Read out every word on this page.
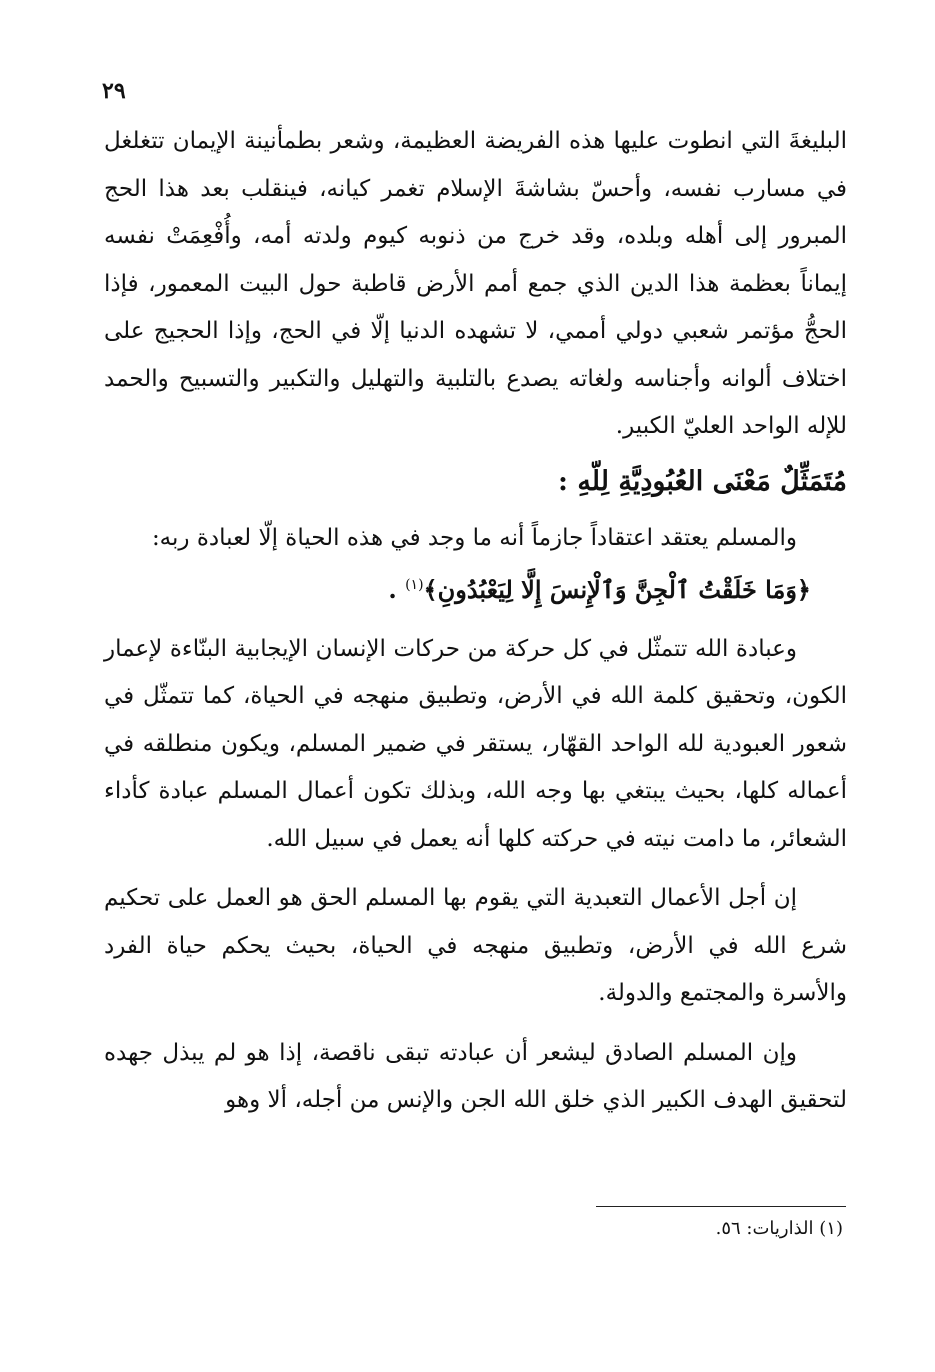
٢٩

البليغةَ التي انطوت عليها هذه الفريضة العظيمة، وشعر بطمأنينة الإيمان تتغلغل في مسارب نفسه، وأحسّ بشاشةَ الإسلام تغمر كيانه، فينقلب بعد هذا الحج المبرور إلى أهله وبلده، وقد خرج من ذنوبه كيوم ولدته أمه، وأُفْعِمَتْ نفسه إيماناً بعظمة هذا الدين الذي جمع أمم الأرض قاطبة حول البيت المعمور، فإذا الحجُّ مؤتمر شعبي دولي أممي، لا تشهده الدنيا إلّا في الحج، وإذا الحجيج على اختلاف ألوانه وأجناسه ولغاته يصدع بالتلبية والتهليل والتكبير والتسبيح والحمد للإله الواحد العليّ الكبير.

مُتَمَثِّلٌ مَعْنَى العُبُودِيَّةِ لِلّهِ :

والمسلم يعتقد اعتقاداً جازماً أنه ما وجد في هذه الحياة إلّا لعبادة ربه:

﴿وَمَا خَلَقْتُ ٱلْجِنَّ وَٱلْإِنسَ إِلَّا لِيَعْبُدُونِ﴾$^{(١)}$ .

وعبادة الله تتمثّل في كل حركة من حركات الإنسان الإيجابية البنّاءة لإعمار الكون، وتحقيق كلمة الله في الأرض، وتطبيق منهجه في الحياة، كما تتمثّل في شعور العبودية لله الواحد القهّار، يستقر في ضمير المسلم، ويكون منطلقه في أعماله كلها، بحيث يبتغي بها وجه الله، وبذلك تكون أعمال المسلم عبادة كأداء الشعائر، ما دامت نيته في حركته كلها أنه يعمل في سبيل الله.

إن أجل الأعمال التعبدية التي يقوم بها المسلم الحق هو العمل على تحكيم شرع الله في الأرض، وتطبيق منهجه في الحياة، بحيث يحكم حياة الفرد والأسرة والمجتمع والدولة.

وإن المسلم الصادق ليشعر أن عبادته تبقى ناقصة، إذا هو لم يبذل جهده لتحقيق الهدف الكبير الذي خلق الله الجن والإنس من أجله، ألا وهو

(١) الذاريات: ٥٦.
